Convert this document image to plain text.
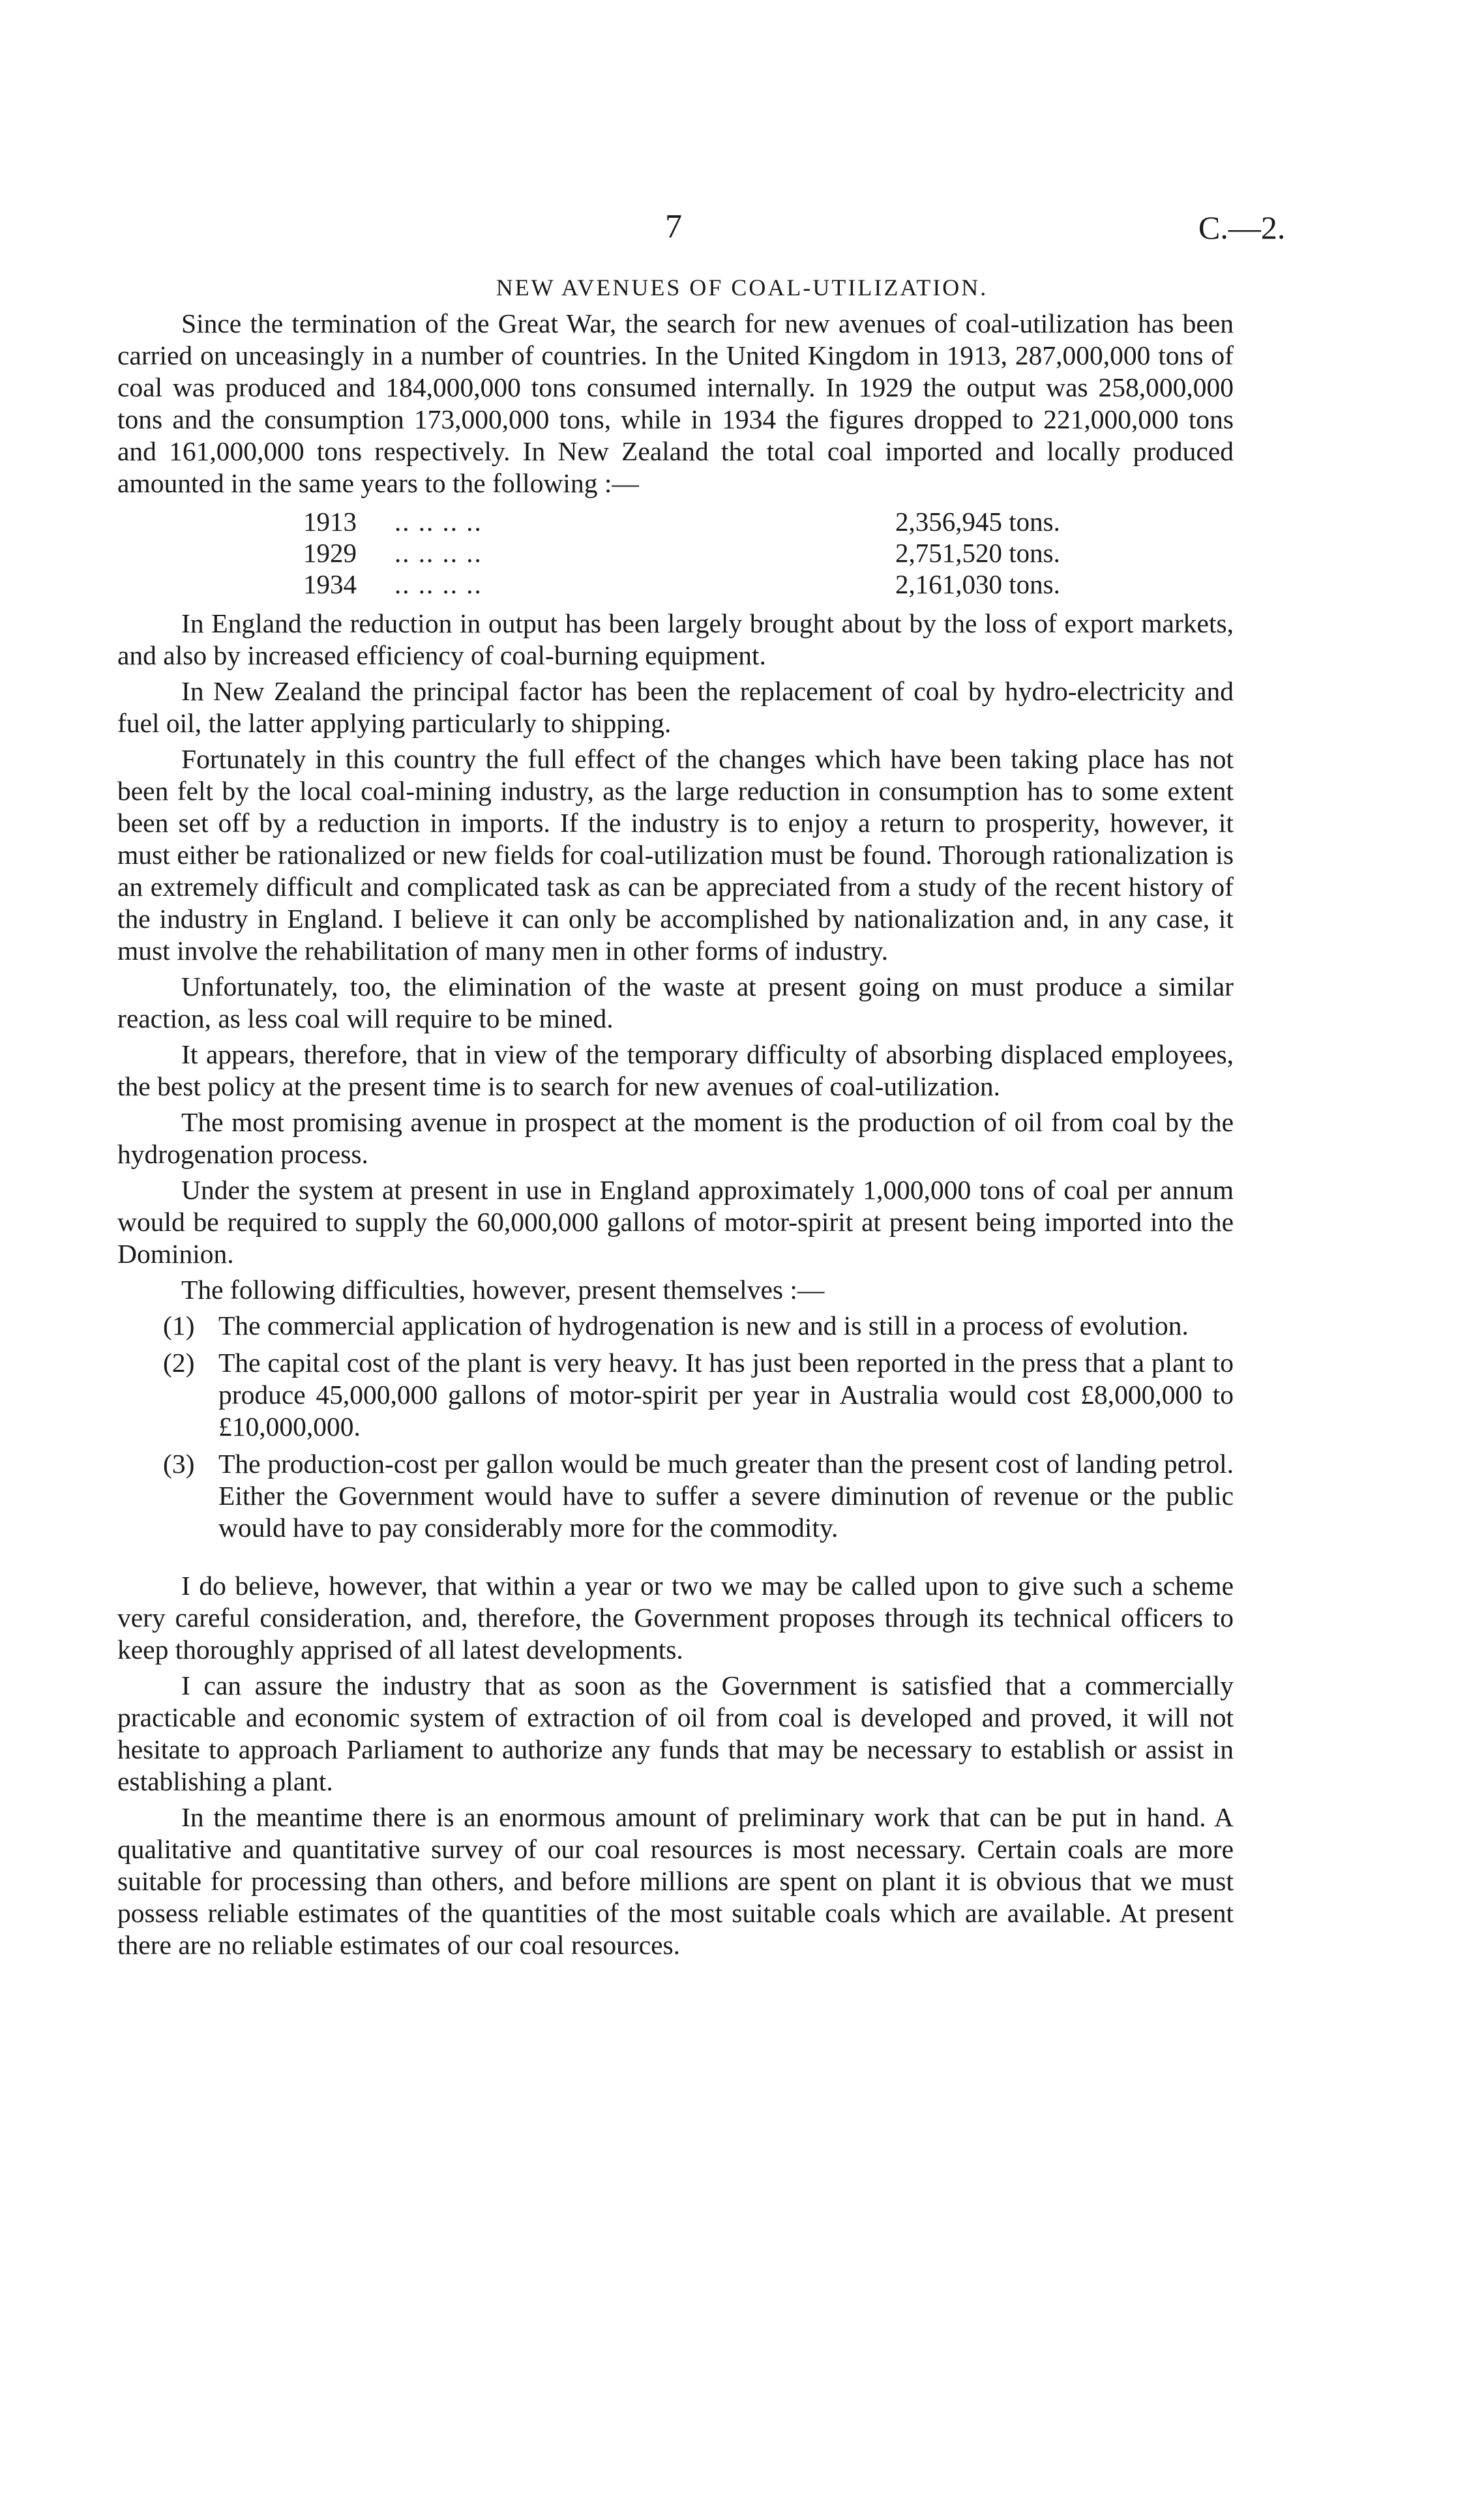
7	C.—2.
NEW AVENUES OF COAL-UTILIZATION.

Since the termination of the Great War, the search for new avenues of coal-utilization has been carried on unceasingly in a number of countries. In the United Kingdom in 1913, 287,000,000 tons of coal was produced and 184,000,000 tons consumed internally. In 1929 the output was 258,000,000 tons and the consumption 173,000,000 tons, while in 1934 the figures dropped to 221,000,000 tons and 161,000,000 tons respectively. In New Zealand the total coal imported and locally produced amounted in the same years to the following :—

1913	.. .. .. ..	2,356,945 tons.
1929	.. .. .. ..	2,751,520 tons.
1934	.. .. .. ..	2,161,030 tons.

In England the reduction in output has been largely brought about by the loss of export markets, and also by increased efficiency of coal-burning equipment.

In New Zealand the principal factor has been the replacement of coal by hydro-electricity and fuel oil, the latter applying particularly to shipping.

Fortunately in this country the full effect of the changes which have been taking place has not been felt by the local coal-mining industry, as the large reduction in consumption has to some extent been set off by a reduction in imports. If the industry is to enjoy a return to prosperity, however, it must either be rationalized or new fields for coal-utilization must be found. Thorough rationalization is an extremely difficult and complicated task as can be appreciated from a study of the recent history of the industry in England. I believe it can only be accomplished by nationalization and, in any case, it must involve the rehabilitation of many men in other forms of industry.

Unfortunately, too, the elimination of the waste at present going on must produce a similar reaction, as less coal will require to be mined.

It appears, therefore, that in view of the temporary difficulty of absorbing displaced employees, the best policy at the present time is to search for new avenues of coal-utilization.

The most promising avenue in prospect at the moment is the production of oil from coal by the hydrogenation process.

Under the system at present in use in England approximately 1,000,000 tons of coal per annum would be required to supply the 60,000,000 gallons of motor-spirit at present being imported into the Dominion.

The following difficulties, however, present themselves :—

(1) The commercial application of hydrogenation is new and is still in a process of evolution.
(2) The capital cost of the plant is very heavy. It has just been reported in the press that a plant to produce 45,000,000 gallons of motor-spirit per year in Australia would cost £8,000,000 to £10,000,000.
(3) The production-cost per gallon would be much greater than the present cost of landing petrol. Either the Government would have to suffer a severe diminution of revenue or the public would have to pay considerably more for the commodity.

I do believe, however, that within a year or two we may be called upon to give such a scheme very careful consideration, and, therefore, the Government proposes through its technical officers to keep thoroughly apprised of all latest developments.

I can assure the industry that as soon as the Government is satisfied that a commercially practicable and economic system of extraction of oil from coal is developed and proved, it will not hesitate to approach Parliament to authorize any funds that may be necessary to establish or assist in establishing a plant.

In the meantime there is an enormous amount of preliminary work that can be put in hand. A qualitative and quantitative survey of our coal resources is most necessary. Certain coals are more suitable for processing than others, and before millions are spent on plant it is obvious that we must possess reliable estimates of the quantities of the most suitable coals which are available. At present there are no reliable estimates of our coal resources.
